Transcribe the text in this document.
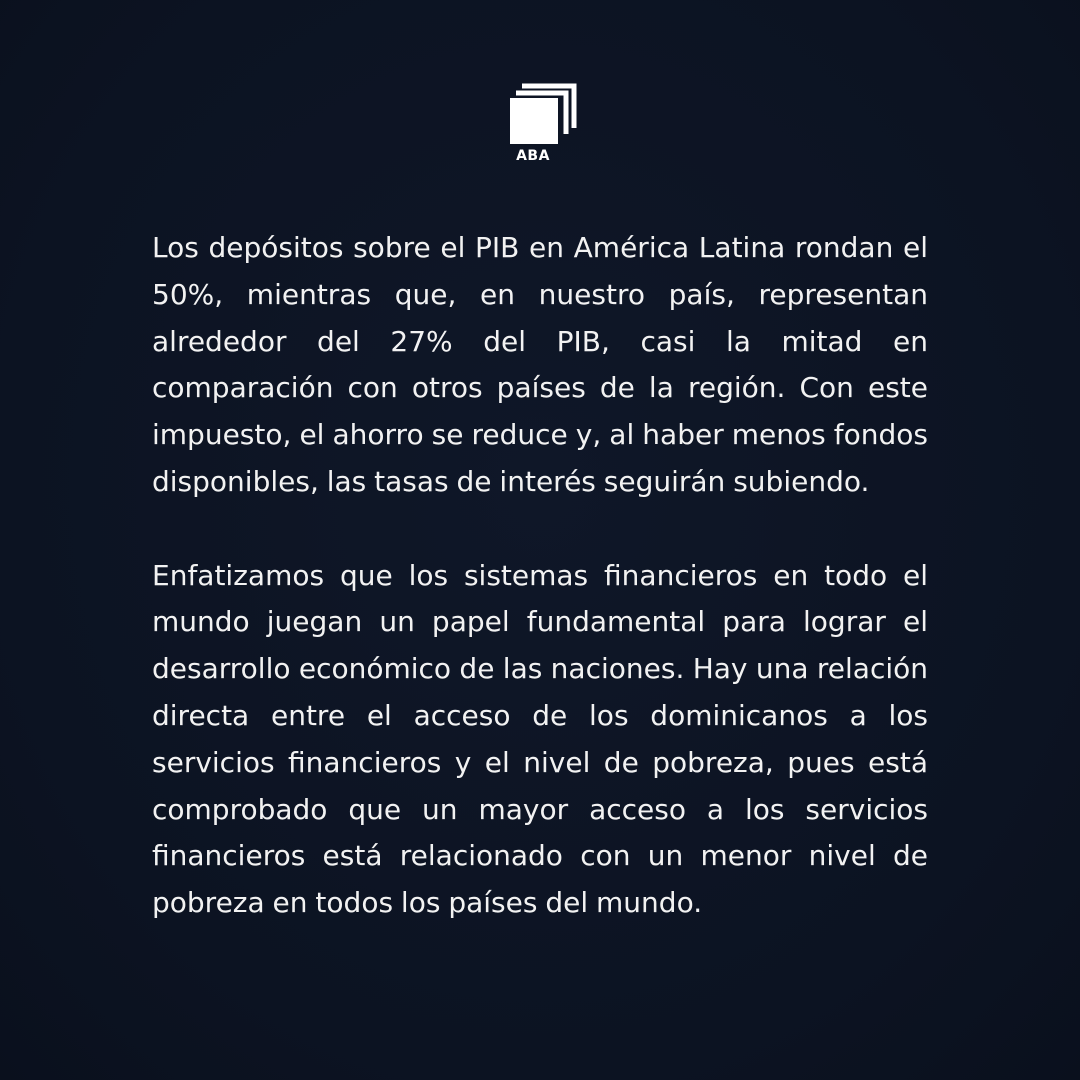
ABA

Los depósitos sobre el PIB en América Latina rondan el 50%, mientras que, en nuestro país, representan alrededor del 27% del PIB, casi la mitad en comparación con otros países de la región. Con este impuesto, el ahorro se reduce y, al haber menos fondos disponibles, las tasas de interés seguirán subiendo.

Enfatizamos que los sistemas financieros en todo el mundo juegan un papel fundamental para lograr el desarrollo económico de las naciones. Hay una relación directa entre el acceso de los dominicanos a los servicios financieros y el nivel de pobreza, pues está comprobado que un mayor acceso a los servicios financieros está relacionado con un menor nivel de pobreza en todos los países del mundo.
